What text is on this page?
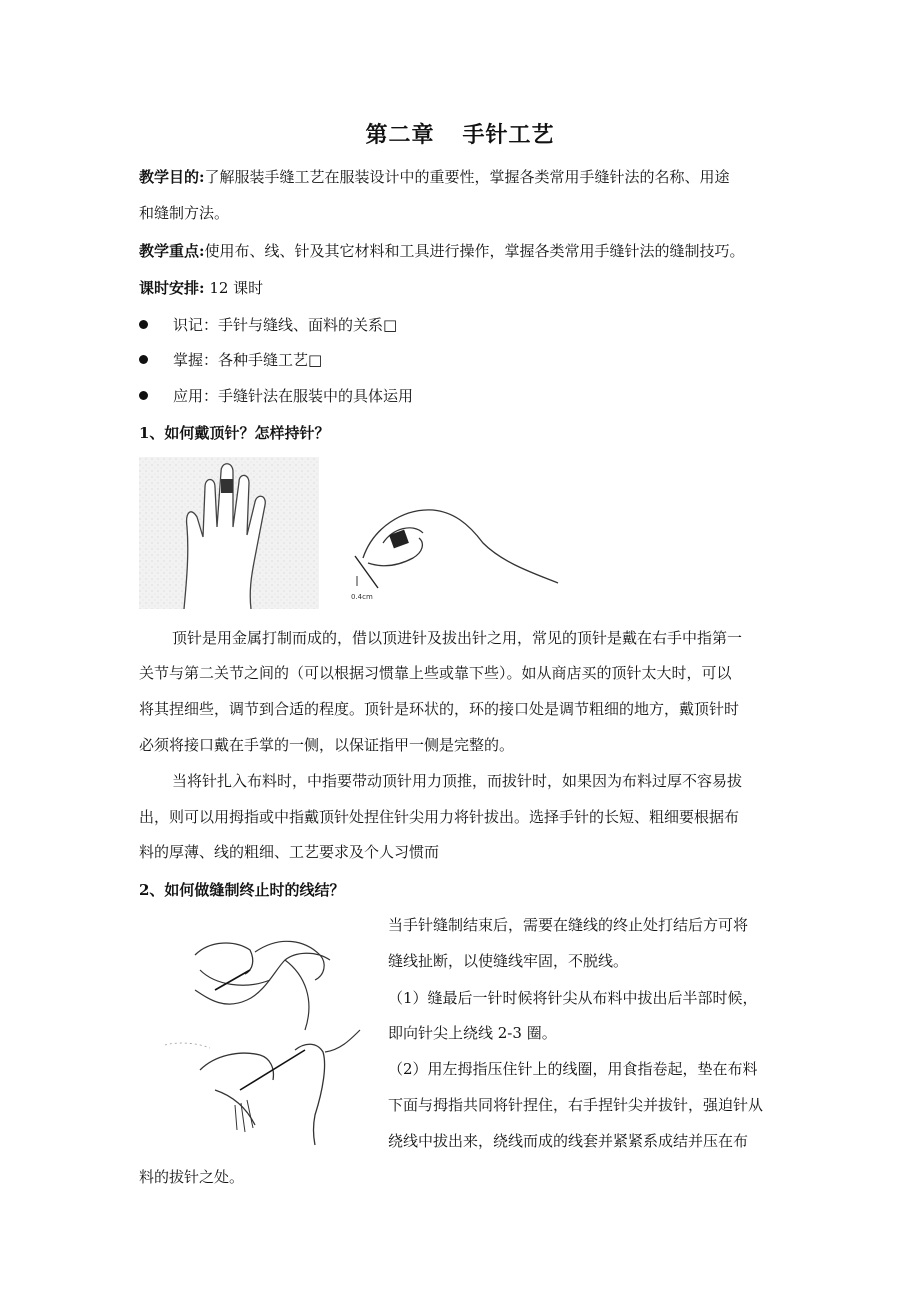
第二章 手针工艺
教学目的:了解服装手缝工艺在服装设计中的重要性，掌握各类常用手缝针法的名称、用途
和缝制方法。
教学重点:使用布、线、针及其它材料和工具进行操作，掌握各类常用手缝针法的缝制技巧。
课时安排: 12 课时
识记：手针与缝线、面料的关系□
掌握：各种手缝工艺□
应用：手缝针法在服装中的具体运用
1、如何戴顶针？怎样持针？
0.4cm
顶针是用金属打制而成的，借以顶进针及拔出针之用，常见的顶针是戴在右手中指第一
关节与第二关节之间的（可以根据习惯靠上些或靠下些）。如从商店买的顶针太大时，可以
将其捏细些，调节到合适的程度。顶针是环状的，环的接口处是调节粗细的地方，戴顶针时
必须将接口戴在手掌的一侧，以保证指甲一侧是完整的。
当将针扎入布料时，中指要带动顶针用力顶推，而拔针时，如果因为布料过厚不容易拔
出，则可以用拇指或中指戴顶针处捏住针尖用力将针拔出。选择手针的长短、粗细要根据布
料的厚薄、线的粗细、工艺要求及个人习惯而
2、如何做缝制终止时的线结？
当手针缝制结束后，需要在缝线的终止处打结后方可将
缝线扯断，以使缝线牢固，不脱线。
（1）缝最后一针时候将针尖从布料中拔出后半部时候，
即向针尖上绕线 2-3 圈。
（2）用左拇指压住针上的线圈，用食指卷起，垫在布料
下面与拇指共同将针捏住，右手捏针尖并拔针，强迫针从
绕线中拔出来，绕线而成的线套并紧紧系成结并压在布
料的拔针之处。
